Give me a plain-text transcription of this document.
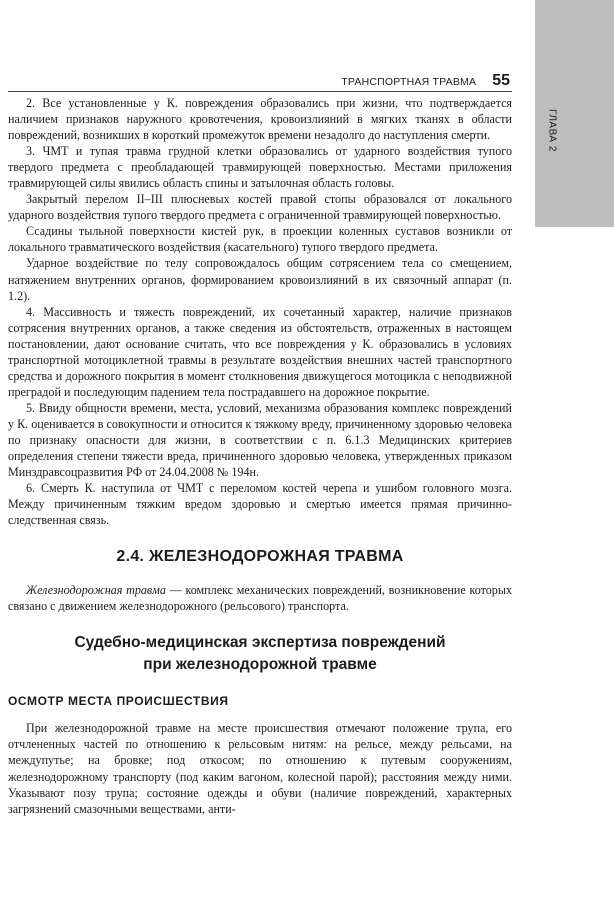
ГЛАВА 2
ТРАНСПОРТНАЯ ТРАВМА 55

2. Все установленные у К. повреждения образовались при жизни, что подтверждается наличием признаков наружного кровотечения, кровоизлияний в мягких тканях в области повреждений, возникших в короткий промежуток времени незадолго до наступления смерти.

3. ЧМТ и тупая травма грудной клетки образовались от ударного воздействия тупого твердого предмета с преобладающей травмирующей поверхностью. Местами приложения травмирующей силы явились область спины и затылочная область головы.

Закрытый перелом II–III плюсневых костей правой стопы образовался от локального ударного воздействия тупого твердого предмета с ограниченной травмирующей поверхностью.

Ссадины тыльной поверхности кистей рук, в проекции коленных суставов возникли от локального травматического воздействия (касательного) тупого твердого предмета.

Ударное воздействие по телу сопровождалось общим сотрясением тела со смещением, натяжением внутренних органов, формированием кровоизлияний в их связочный аппарат (п. 1.2).

4. Массивность и тяжесть повреждений, их сочетанный характер, наличие признаков сотрясения внутренних органов, а также сведения из обстоятельств, отраженных в настоящем постановлении, дают основание считать, что все повреждения у К. образовались в условиях транспортной мотоциклетной травмы в результате воздействия внешних частей транспортного средства и дорожного покрытия в момент столкновения движущегося мотоцикла с неподвижной преградой и последующим падением тела пострадавшего на дорожное покрытие.

5. Ввиду общности времени, места, условий, механизма образования комплекс повреждений у К. оценивается в совокупности и относится к тяжкому вреду, причиненному здоровью человека по признаку опасности для жизни, в соответствии с п. 6.1.3 Медицинских критериев определения степени тяжести вреда, причиненного здоровью человека, утвержденных приказом Минздравсоцразвития РФ от 24.04.2008 № 194н.

6. Смерть К. наступила от ЧМТ с переломом костей черепа и ушибом головного мозга. Между причиненным тяжким вредом здоровью и смертью имеется прямая причинно-следственная связь.

2.4. ЖЕЛЕЗНОДОРОЖНАЯ ТРАВМА

Железнодорожная травма — комплекс механических повреждений, возникновение которых связано с движением железнодорожного (рельсового) транспорта.

Судебно-медицинская экспертиза повреждений
при железнодорожной травме
ОСМОТР МЕСТА ПРОИСШЕСТВИЯ

При железнодорожной травме на месте происшествия отмечают положение трупа, его отчлененных частей по отношению к рельсовым нитям: на рельсе, между рельсами, на междупутье; на бровке; под откосом; по отношению к путевым сооружениям, железнодорожному транспорту (под каким вагоном, колесной парой); расстояния между ними. Указывают позу трупа; состояние одежды и обуви (наличие повреждений, характерных загрязнений смазочными веществами, анти-
